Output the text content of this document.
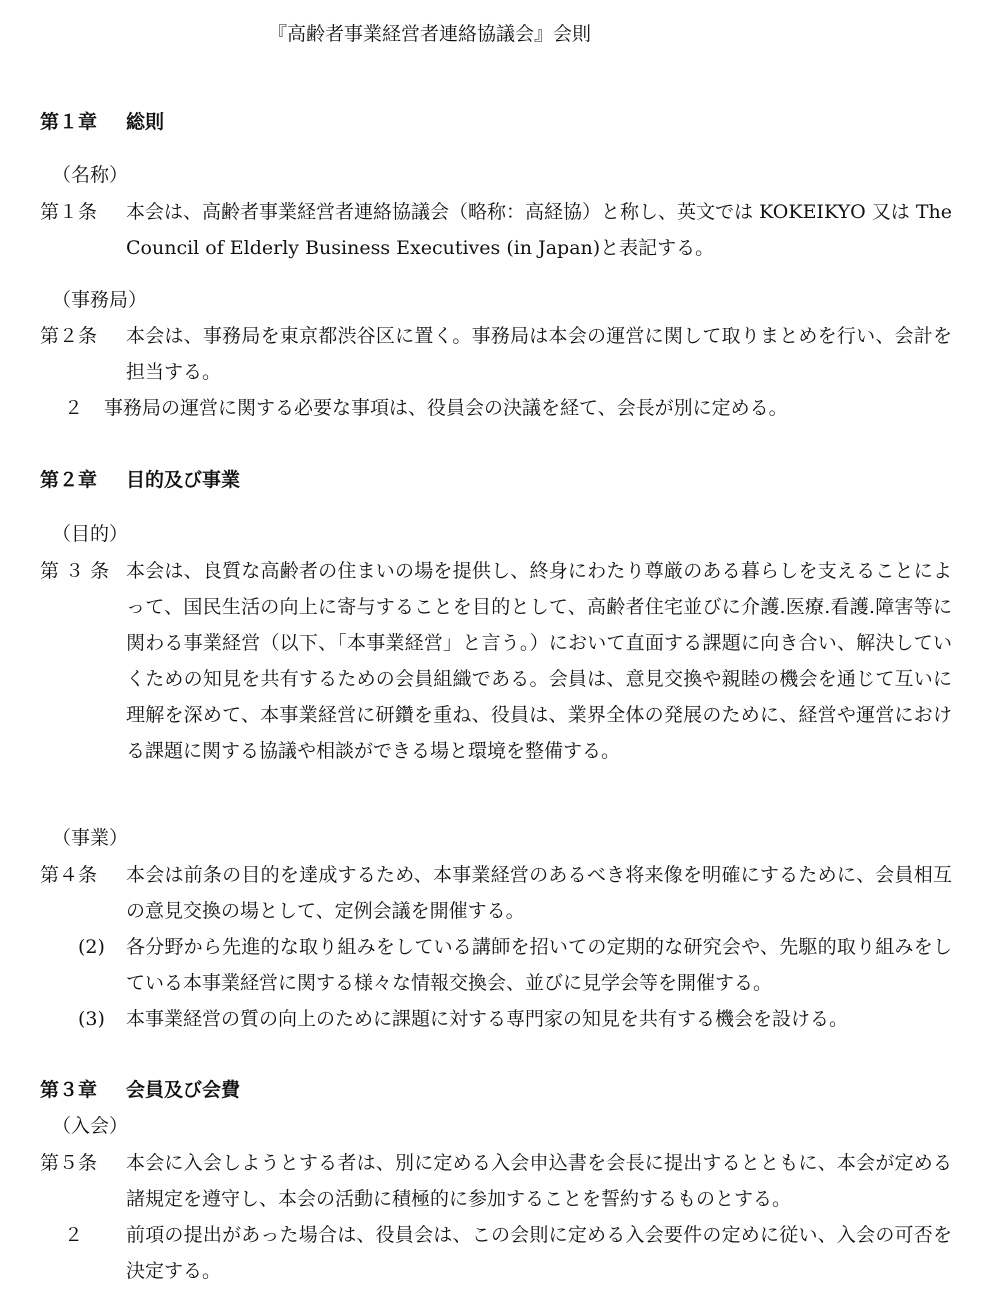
『高齢者事業経営者連絡協議会』会則
第１章 総則
（名称）
第１条 本会は、高齢者事業経営者連絡協議会（略称：高経協）と称し、英文では KOKEIKYO 又は The Council of Elderly Business Executives (in Japan)と表記する。
（事務局）
第２条 本会は、事務局を東京都渋谷区に置く。事務局は本会の運営に関して取りまとめを行い、会計を担当する。
２ 事務局の運営に関する必要な事項は、役員会の決議を経て、会長が別に定める。
第２章 目的及び事業
（目的）
第 ３ 条 本会は、良質な高齢者の住まいの場を提供し、終身にわたり尊厳のある暮らしを支えることによって、国民生活の向上に寄与することを目的として、高齢者住宅並びに介護.医療.看護.障害等に関わる事業経営（以下、「本事業経営」と言う。）において直面する課題に向き合い、解決していくための知見を共有するための会員組織である。会員は、意見交換や親睦の機会を通じて互いに理解を深めて、本事業経営に研鑽を重ね、役員は、業界全体の発展のために、経営や運営における課題に関する協議や相談ができる場と環境を整備する。
（事業）
第４条 本会は前条の目的を達成するため、本事業経営のあるべき将来像を明確にするために、会員相互の意見交換の場として、定例会議を開催する。
(2) 各分野から先進的な取り組みをしている講師を招いての定期的な研究会や、先駆的取り組みをしている本事業経営に関する様々な情報交換会、並びに見学会等を開催する。
(3) 本事業経営の質の向上のために課題に対する専門家の知見を共有する機会を設ける。
第３章 会員及び会費
（入会）
第５条 本会に入会しようとする者は、別に定める入会申込書を会長に提出するとともに、本会が定める諸規定を遵守し、本会の活動に積極的に参加することを誓約するものとする。
２ 前項の提出があった場合は、役員会は、この会則に定める入会要件の定めに従い、入会の可否を決定する。
